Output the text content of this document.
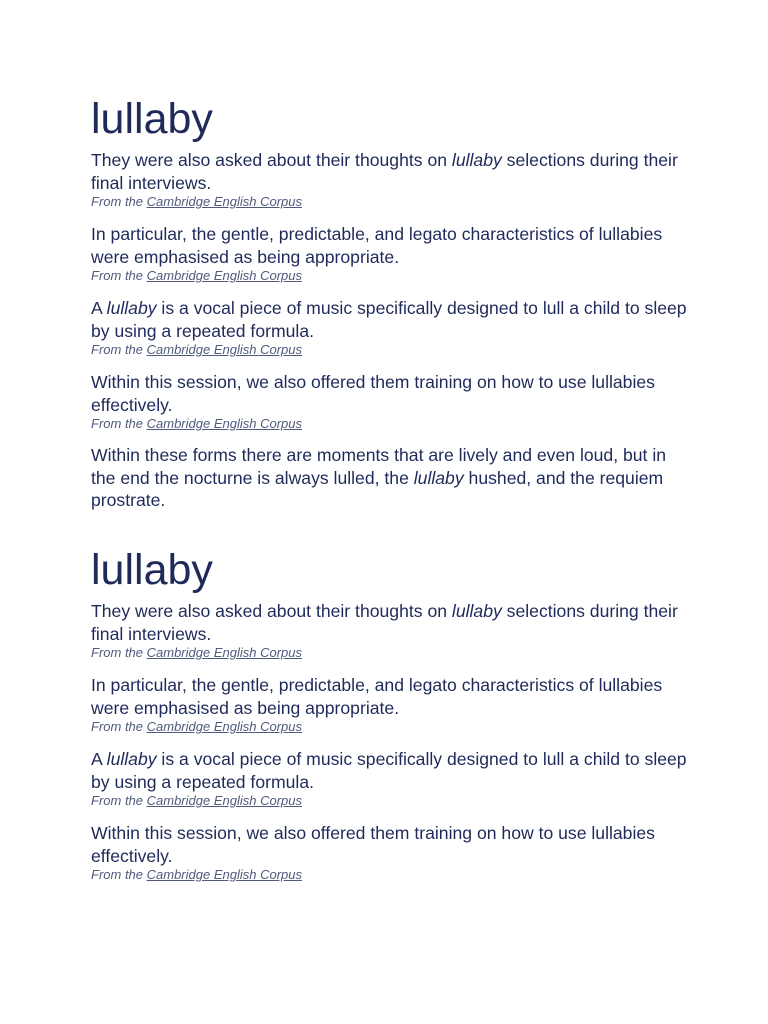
lullaby

They were also asked about their thoughts on lullaby selections during their final interviews.

From the Cambridge English Corpus

In particular, the gentle, predictable, and legato characteristics of lullabies were emphasised as being appropriate.

From the Cambridge English Corpus

A lullaby is a vocal piece of music specifically designed to lull a child to sleep by using a repeated formula.

From the Cambridge English Corpus

Within this session, we also offered them training on how to use lullabies effectively.

From the Cambridge English Corpus

Within these forms there are moments that are lively and even loud, but in the end the nocturne is always lulled, the lullaby hushed, and the requiem prostrate.

lullaby

They were also asked about their thoughts on lullaby selections during their final interviews.

From the Cambridge English Corpus

In particular, the gentle, predictable, and legato characteristics of lullabies were emphasised as being appropriate.

From the Cambridge English Corpus

A lullaby is a vocal piece of music specifically designed to lull a child to sleep by using a repeated formula.

From the Cambridge English Corpus

Within this session, we also offered them training on how to use lullabies effectively.

From the Cambridge English Corpus
